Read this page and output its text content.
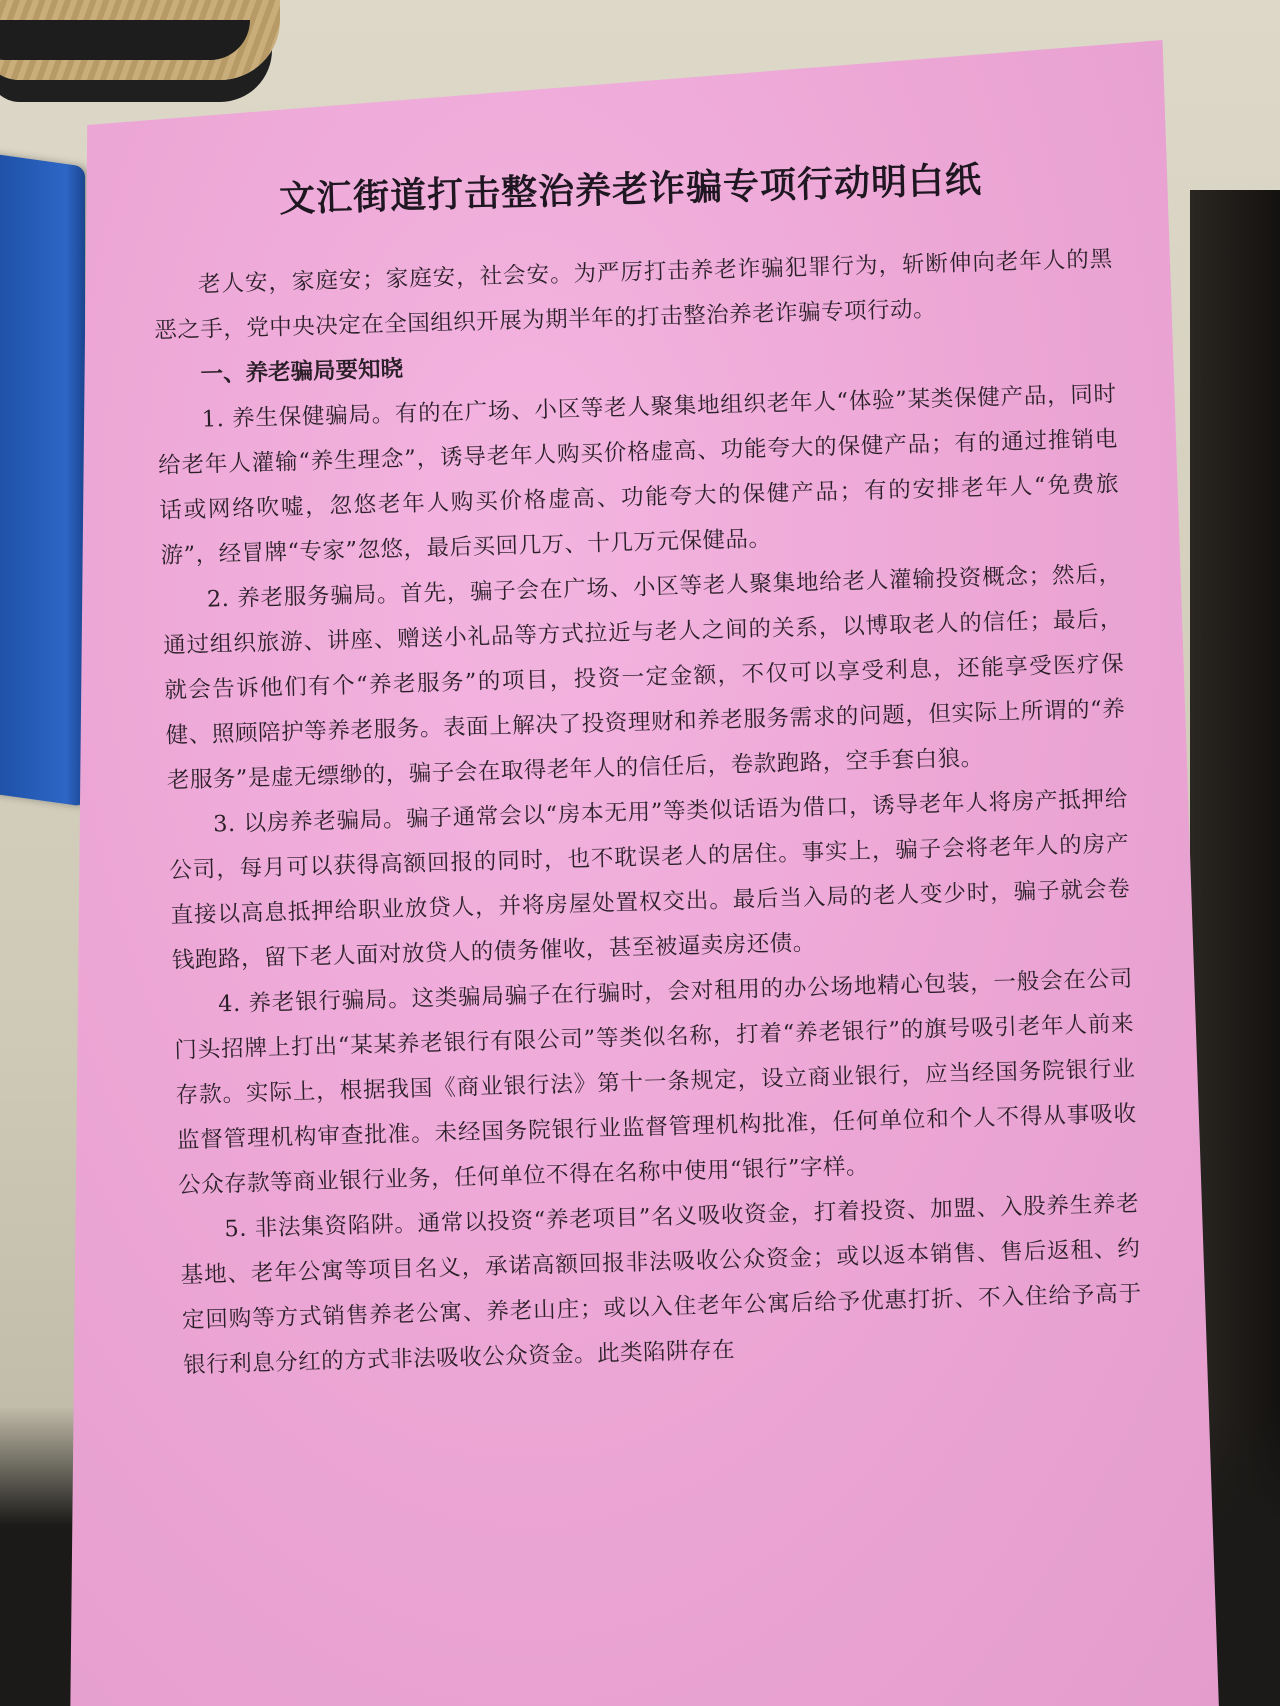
文汇街道打击整治养老诈骗专项行动明白纸

老人安，家庭安；家庭安，社会安。为严厉打击养老诈骗犯罪行为，斩断伸向老年人的黑恶之手，党中央决定在全国组织开展为期半年的打击整治养老诈骗专项行动。

一、养老骗局要知晓

1. 养生保健骗局。有的在广场、小区等老人聚集地组织老年人“体验”某类保健产品，同时给老年人灌输“养生理念”，诱导老年人购买价格虚高、功能夸大的保健产品；有的通过推销电话或网络吹嘘，忽悠老年人购买价格虚高、功能夸大的保健产品；有的安排老年人“免费旅游”，经冒牌“专家”忽悠，最后买回几万、十几万元保健品。

2. 养老服务骗局。首先，骗子会在广场、小区等老人聚集地给老人灌输投资概念；然后，通过组织旅游、讲座、赠送小礼品等方式拉近与老人之间的关系，以博取老人的信任；最后，就会告诉他们有个“养老服务”的项目，投资一定金额，不仅可以享受利息，还能享受医疗保健、照顾陪护等养老服务。表面上解决了投资理财和养老服务需求的问题，但实际上所谓的“养老服务”是虚无缥缈的，骗子会在取得老年人的信任后，卷款跑路，空手套白狼。

3. 以房养老骗局。骗子通常会以“房本无用”等类似话语为借口，诱导老年人将房产抵押给公司，每月可以获得高额回报的同时，也不耽误老人的居住。事实上，骗子会将老年人的房产直接以高息抵押给职业放贷人，并将房屋处置权交出。最后当入局的老人变少时，骗子就会卷钱跑路，留下老人面对放贷人的债务催收，甚至被逼卖房还债。

4. 养老银行骗局。这类骗局骗子在行骗时，会对租用的办公场地精心包装，一般会在公司门头招牌上打出“某某养老银行有限公司”等类似名称，打着“养老银行”的旗号吸引老年人前来存款。实际上，根据我国《商业银行法》第十一条规定，设立商业银行，应当经国务院银行业监督管理机构审查批准。未经国务院银行业监督管理机构批准，任何单位和个人不得从事吸收公众存款等商业银行业务，任何单位不得在名称中使用“银行”字样。

5. 非法集资陷阱。通常以投资“养老项目”名义吸收资金，打着投资、加盟、入股养生养老基地、老年公寓等项目名义，承诺高额回报非法吸收公众资金；或以返本销售、售后返租、约定回购等方式销售养老公寓、养老山庄；或以入住老年公寓后给予优惠打折、不入住给予高于银行利息分红的方式非法吸收公众资金。此类陷阱存在
